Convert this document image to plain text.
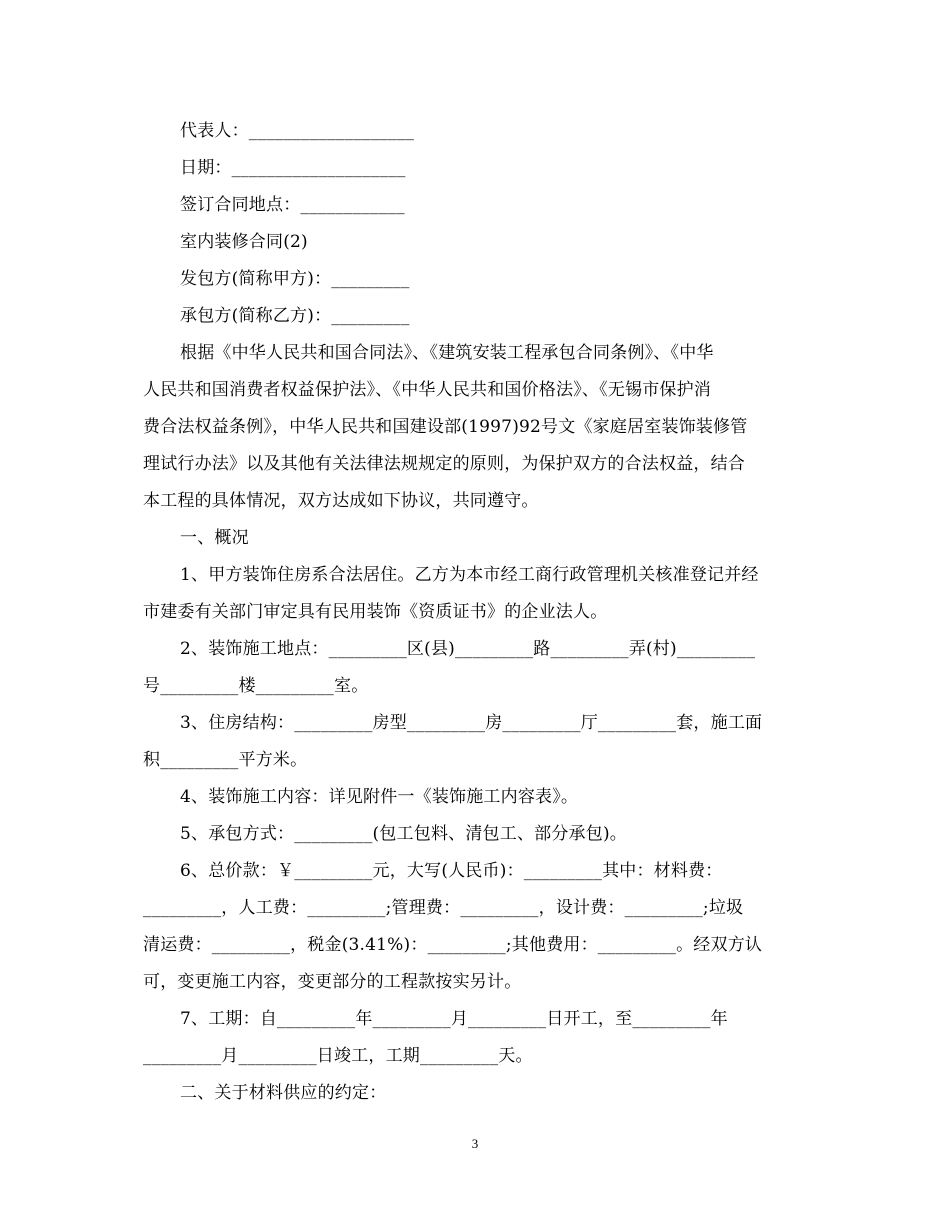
代表人：___________________
日期：____________________
签订合同地点：____________
室内装修合同(2)
发包方(简称甲方)：_________
承包方(简称乙方)：_________
根据《中华人民共和国合同法》、《建筑安装工程承包合同条例》、《中华
人民共和国消费者权益保护法》、《中华人民共和国价格法》、《无锡市保护消
费合法权益条例》，中华人民共和国建设部(1997)92号文《家庭居室装饰装修管
理试行办法》以及其他有关法律法规规定的原则，为保护双方的合法权益，结合
本工程的具体情况，双方达成如下协议，共同遵守。
一、概况
1、甲方装饰住房系合法居住。乙方为本市经工商行政管理机关核准登记并经
市建委有关部门审定具有民用装饰《资质证书》的企业法人。
2、装饰施工地点：_________区(县)_________路_________弄(村)_________
号_________楼_________室。
3、住房结构：_________房型_________房_________厅_________套，施工面
积_________平方米。
4、装饰施工内容：详见附件一《装饰施工内容表》。
5、承包方式：_________(包工包料、清包工、部分承包)。
6、总价款：￥_________元，大写(人民币)：_________其中：材料费：
_________，人工费：_________;管理费：_________，设计费：_________;垃圾
清运费：_________，税金(3.41%)：_________;其他费用：_________。经双方认
可，变更施工内容，变更部分的工程款按实另计。
7、工期：自_________年_________月_________日开工，至_________年
_________月_________日竣工，工期_________天。
二、关于材料供应的约定：
3
